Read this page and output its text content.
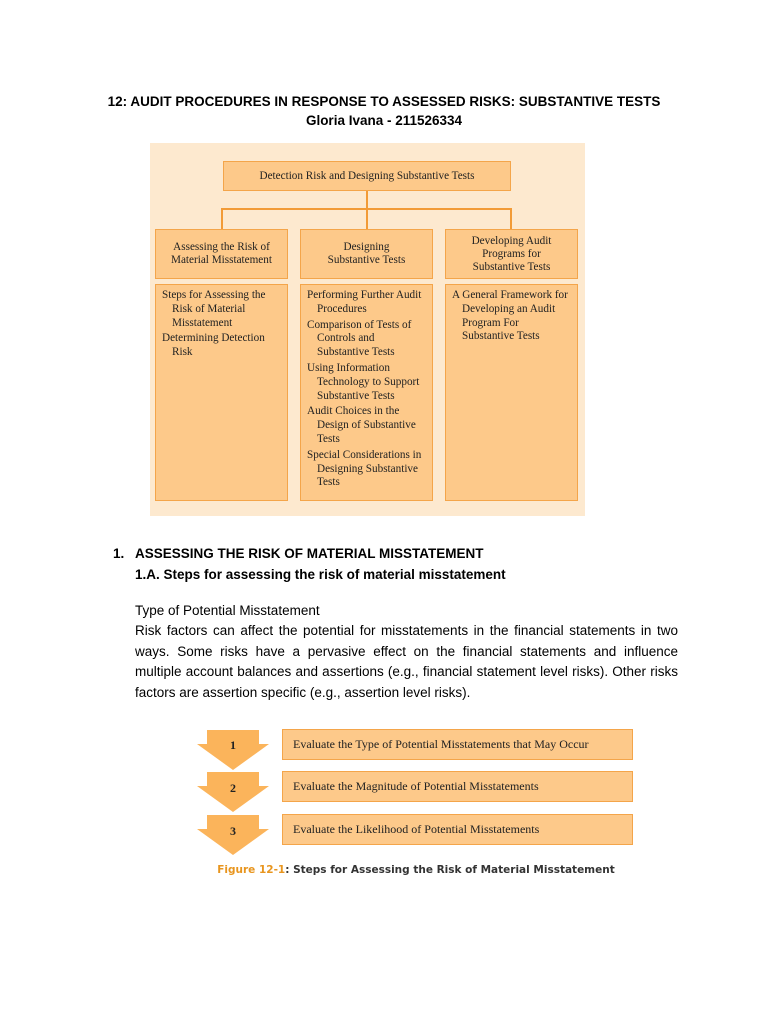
12: AUDIT PROCEDURES IN RESPONSE TO ASSESSED RISKS: SUBSTANTIVE TESTS
Gloria Ivana - 211526334
Detection Risk and Designing Substantive Tests
Assessing the Risk of Material Misstatement
Designing Substantive Tests
Developing Audit Programs for Substantive Tests
Steps for Assessing the Risk of Material Misstatement
Determining Detection Risk
Performing Further Audit Procedures
Comparison of Tests of Controls and Substantive Tests
Using Information Technology to Support Substantive Tests
Audit Choices in the Design of Substantive Tests
Special Considerations in Designing Substantive Tests
A General Framework for Developing an Audit Program For Substantive Tests
1. ASSESSING THE RISK OF MATERIAL MISSTATEMENT
1.A. Steps for assessing the risk of material misstatement
Type of Potential Misstatement
Risk factors can affect the potential for misstatements in the financial statements in two ways. Some risks have a pervasive effect on the financial statements and influence multiple account balances and assertions (e.g., financial statement level risks). Other risks factors are assertion specific (e.g., assertion level risks).
1	Evaluate the Type of Potential Misstatements that May Occur
2	Evaluate the Magnitude of Potential Misstatements
3	Evaluate the Likelihood of Potential Misstatements
Figure 12-1: Steps for Assessing the Risk of Material Misstatement
